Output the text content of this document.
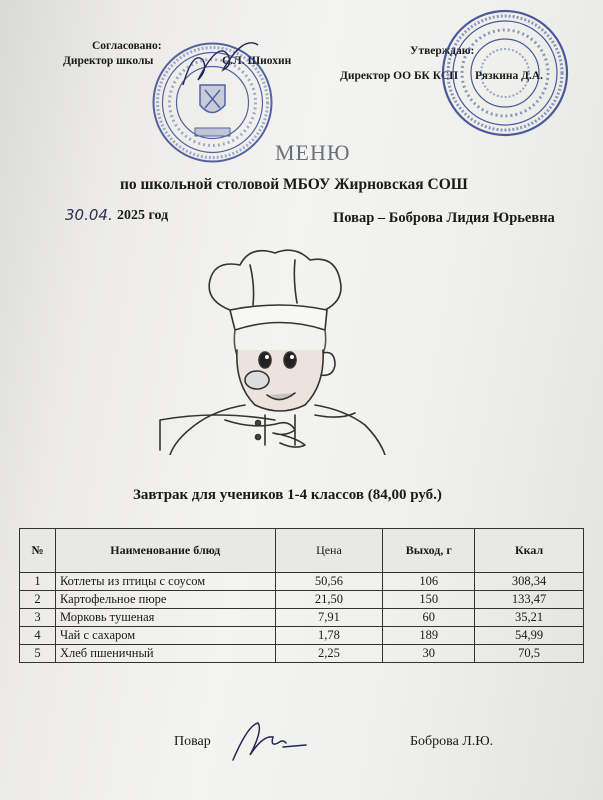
Согласовано:
Директор школы	С.Л. Шиохин
Утверждаю:
Директор ОО БК КСП Рязкина Д.А.
МЕНЮ
по школьной столовой МБОУ Жирновская СОШ
30.04. 2025 год	Повар – Боброва Лидия Юрьевна
Завтрак для учеников 1-4 классов (84,00 руб.)
№	Наименование блюд	Цена	Выход, г	Ккал
1	Котлеты из птицы с соусом	50,56	106	308,34
2	Картофельное пюре	21,50	150	133,47
3	Морковь тушеная	7,91	60	35,21
4	Чай с сахаром	1,78	189	54,99
5	Хлеб пшеничный	2,25	30	70,5
Повар	Боброва Л.Ю.
